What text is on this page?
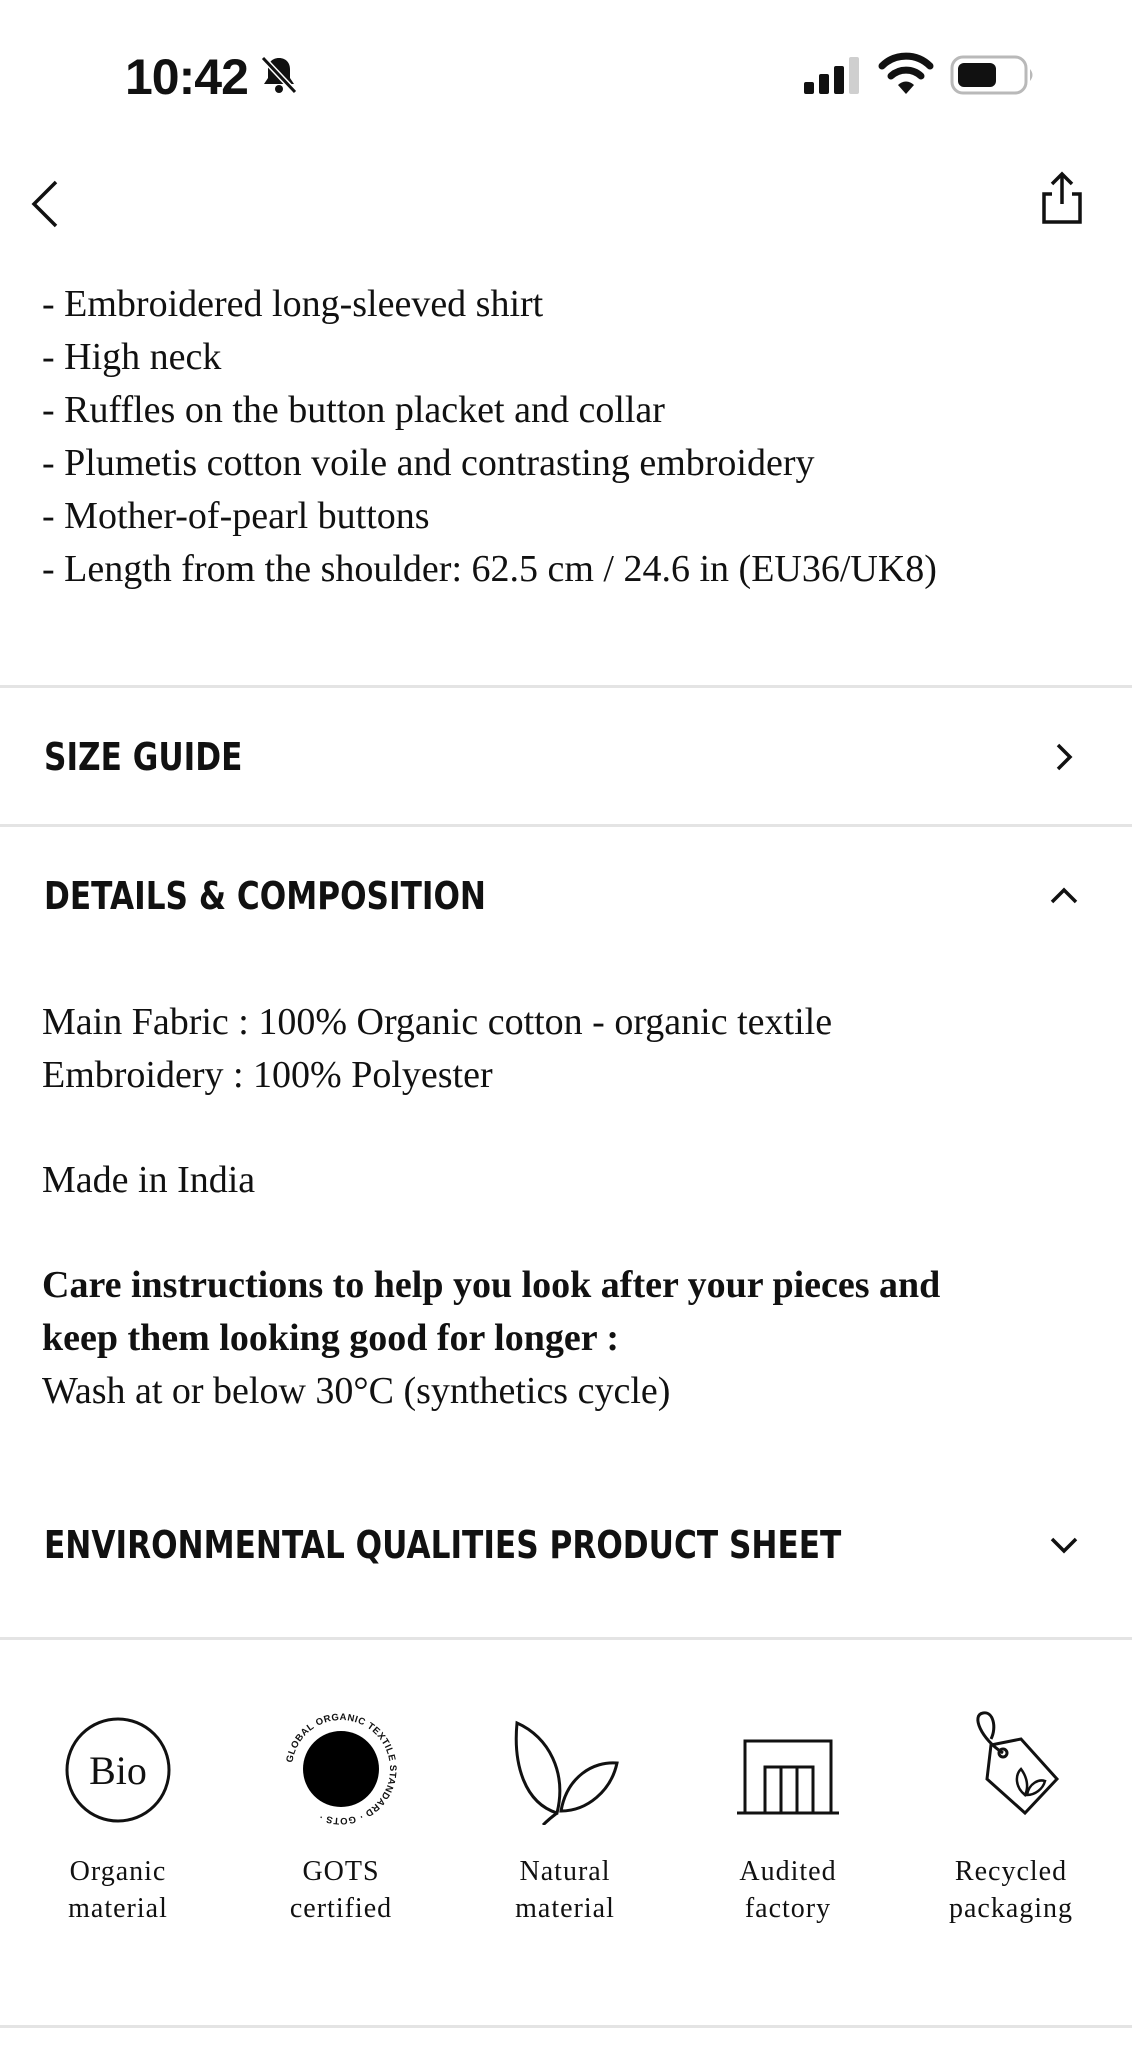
10:42
- Embroidered long-sleeved shirt
- High neck
- Ruffles on the button placket and collar
- Plumetis cotton voile and contrasting embroidery
- Mother-of-pearl buttons
- Length from the shoulder: 62.5 cm / 24.6 in (EU36/UK8)
SIZE GUIDE
DETAILS & COMPOSITION

Main Fabric : 100% Organic cotton - organic textile

Embroidery : 100% Polyester

Made in India

Care instructions to help you look after your pieces and

keep them looking good for longer :

Wash at or below 30°C (synthetics cycle)

ENVIRONMENTAL QUALITIES PRODUCT SHEET
Bio
Organic
material
GLOBAL ORGANIC TEXTILE STANDARD · GOTS ·
GOTS
certified
Natural
material
Audited
factory
Recycled
packaging
